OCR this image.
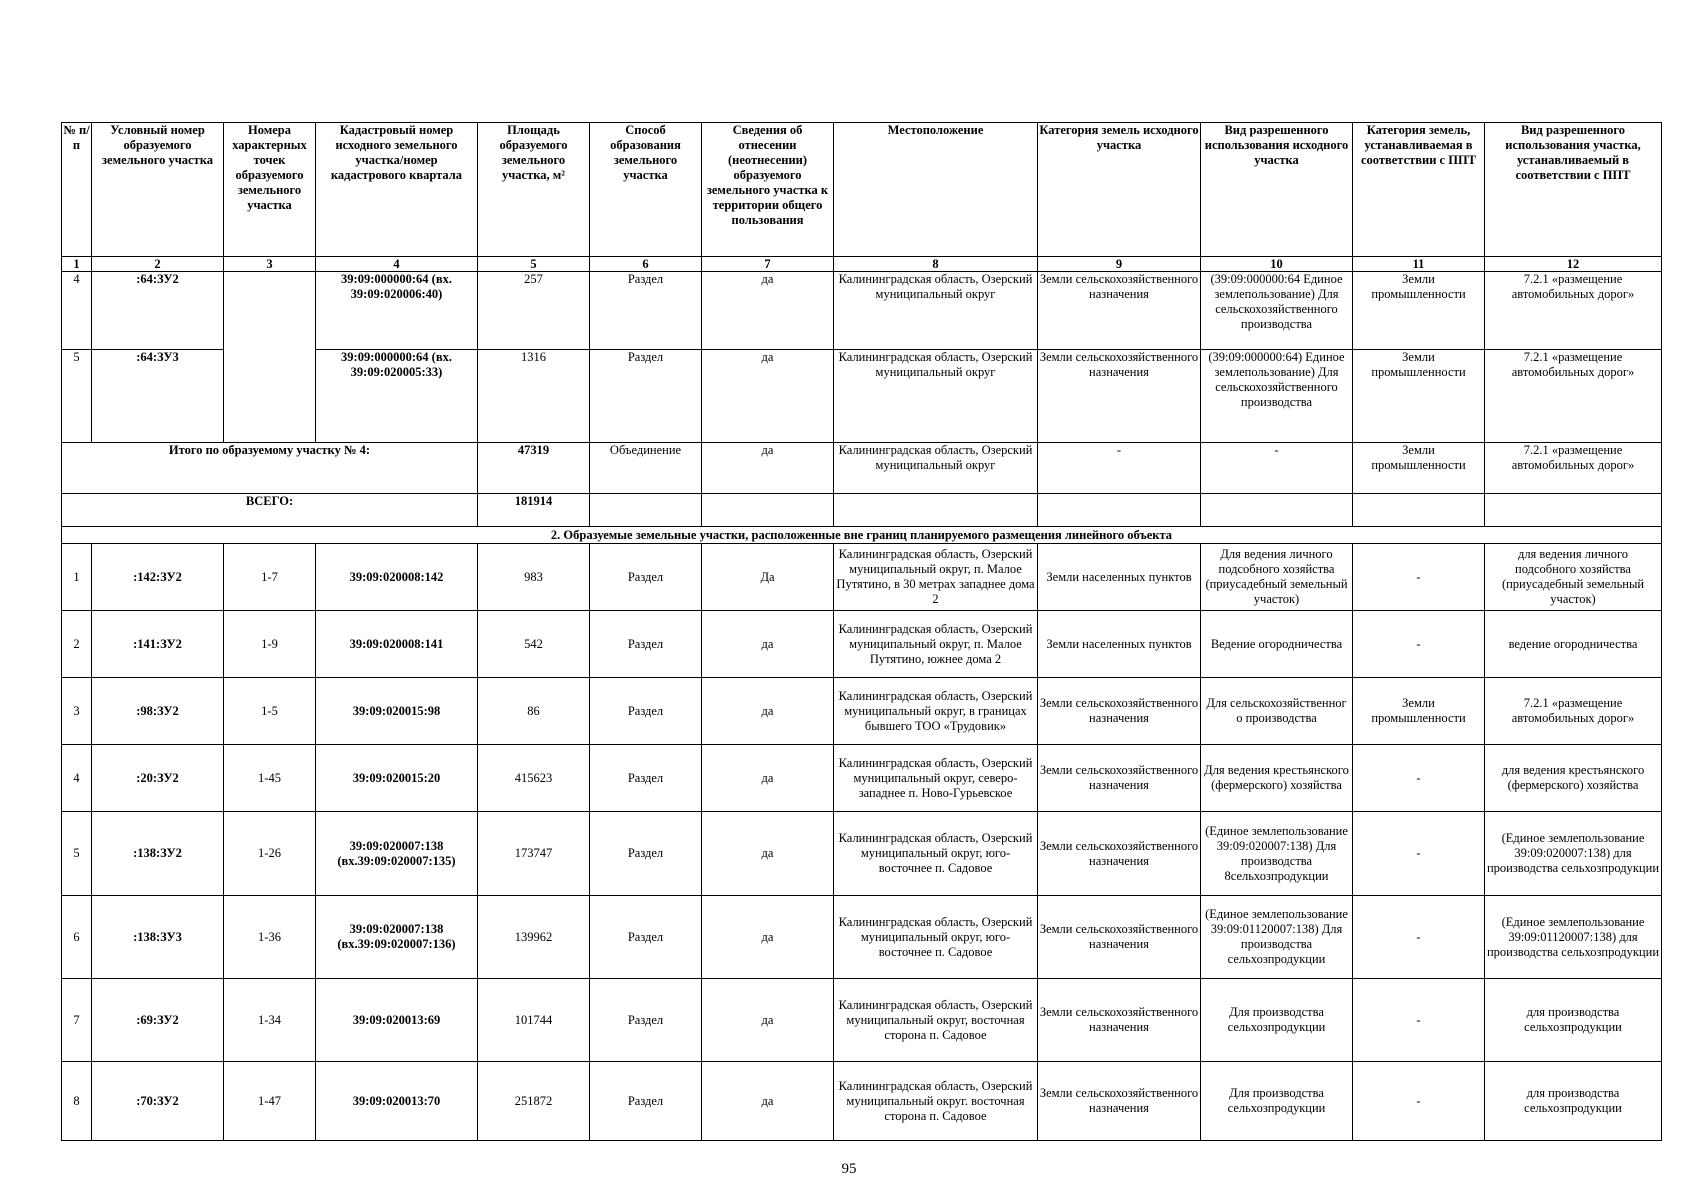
№ п/п	Условный номер образуемого земельного участка	Номера характерных точек образуемого земельного участка	Кадастровый номер исходного земельного участка/номер кадастрового квартала	Площадь образуемого земельного участка, м²	Способ образования земельного участка	Сведения об отнесении (неотнесении) образуемого земельного участка к территории общего пользования	Местоположение	Категория земель исходного участка	Вид разрешенного использования исходного участка	Категория земель, устанавливаемая в соответствии с ППТ	Вид разрешенного использования участка, устанавливаемый в соответствии с ППТ
1	2	3	4	5	6	7	8	9	10	11	12
4	:64:ЗУ2		39:09:000000:64 (вх. 39:09:020006:40)	257	Раздел	да	Калининградская область, Озерский муниципальный округ	Земли сельскохозяйственного назначения	(39:09:000000:64 Единое землепользование) Для сельскохозяйственного производства	Земли промышленности	7.2.1 «размещение автомобильных дорог»
5	:64:ЗУ3		39:09:000000:64 (вх. 39:09:020005:33)	1316	Раздел	да	Калининградская область, Озерский муниципальный округ	Земли сельскохозяйственного назначения	(39:09:000000:64) Единое землепользование) Для сельскохозяйственного производства	Земли промышленности	7.2.1 «размещение автомобильных дорог»
Итого по образуемому участку № 4:				47319	Объединение	да	Калининградская область, Озерский муниципальный округ	-	-	Земли промышленности	7.2.1 «размещение автомобильных дорог»
ВСЕГО:				181914							
2. Образуемые земельные участки, расположенные вне границ планируемого размещения линейного объекта											
1	:142:ЗУ2	1-7	39:09:020008:142	983	Раздел	Да	Калининградская область, Озерский муниципальный округ, п. Малое Путятино, в 30 метрах западнее дома 2	Земли населенных пунктов	Для ведения личного подсобного хозяйства (приусадебный земельный участок)	-	для ведения личного подсобного хозяйства (приусадебный земельный участок)
2	:141:ЗУ2	1-9	39:09:020008:141	542	Раздел	да	Калининградская область, Озерский муниципальный округ, п. Малое Путятино, южнее дома 2	Земли населенных пунктов	Ведение огородничества	-	ведение огородничества
3	:98:ЗУ2	1-5	39:09:020015:98	86	Раздел	да	Калининградская область, Озерский муниципальный округ, в границах бывшего ТОО «Трудовик»	Земли сельскохозяйственного назначения	Для сельскохозяйственног о производства	Земли промышленности	7.2.1 «размещение автомобильных дорог»
4	:20:ЗУ2	1-45	39:09:020015:20	415623	Раздел	да	Калининградская область, Озерский муниципальный округ, северо-западнее п. Ново-Гурьевское	Земли сельскохозяйственного назначения	Для ведения крестьянского (фермерского) хозяйства	-	для ведения крестьянского (фермерского) хозяйства
5	:138:ЗУ2	1-26	39:09:020007:138 (вх.39:09:020007:135)	173747	Раздел	да	Калининградская область, Озерский муниципальный округ, юго-восточнее п. Садовое	Земли сельскохозяйственного назначения	(Единое землепользование 39:09:020007:138) Для производства 8сельхозпродукции	-	(Единое землепользование 39:09:020007:138) для производства сельхозпродукции
6	:138:ЗУ3	1-36	39:09:020007:138 (вх.39:09:020007:136)	139962	Раздел	да	Калининградская область, Озерский муниципальный округ, юго-восточнее п. Садовое	Земли сельскохозяйственного назначения	(Единое землепользование 39:09:01120007:138) Для производства сельхозпродукции	-	(Единое землепользование 39:09:01120007:138) для производства сельхозпродукции
7	:69:ЗУ2	1-34	39:09:020013:69	101744	Раздел	да	Калининградская область, Озерский муниципальный округ, восточная сторона п. Садовое	Земли сельскохозяйственного назначения	Для производства сельхозпродукции	-	для производства сельхозпродукции
8	:70:ЗУ2	1-47	39:09:020013:70	251872	Раздел	да	Калининградская область, Озерский муниципальный округ. восточная сторона п. Садовое	Земли сельскохозяйственного назначения	Для производства сельхозпродукции	-	для производства сельхозпродукции
95
